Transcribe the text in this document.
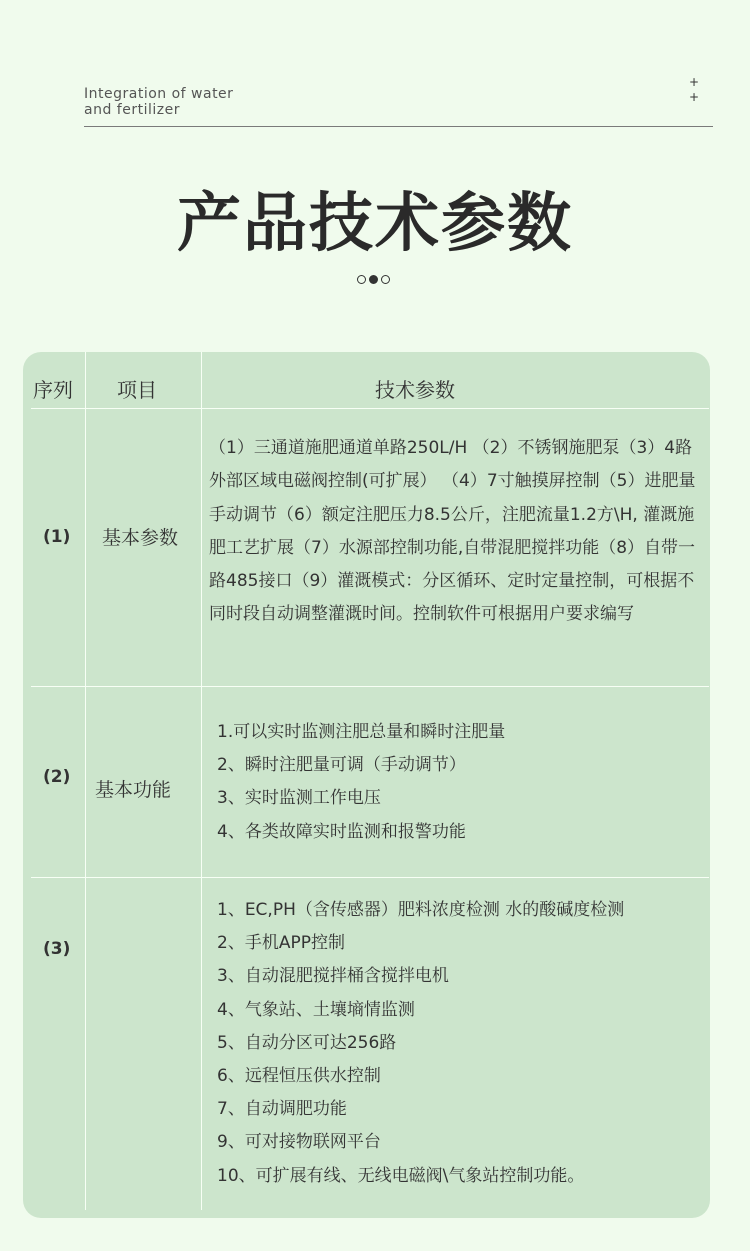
Integration of water
and fertilizer
+
+
产品技术参数
序列 项目	技术参数
(1) 基本参数
（1）三通道施肥通道单路250L/H （2）不锈钢施肥泵（3）4路外部区域电磁阀控制(可扩展） （4）7寸触摸屏控制（5）进肥量手动调节（6）额定注肥压力8.5公斤，注肥流量1.2方\H, 灌溉施肥工艺扩展（7）水源部控制功能,自带混肥搅拌功能（8）自带一路485接口（9）灌溉模式：分区循环、定时定量控制，可根据不同时段自动调整灌溉时间。控制软件可根据用户要求编写
(2)
基本功能
1.可以实时监测注肥总量和瞬时注肥量
2、瞬时注肥量可调（手动调节）
3、实时监测工作电压
4、各类故障实时监测和报警功能
(3)
1、EC,PH（含传感器）肥料浓度检测 水的酸碱度检测
2、手机APP控制
3、自动混肥搅拌桶含搅拌电机
4、气象站、土壤墒情监测
5、自动分区可达256路
6、远程恒压供水控制
7、自动调肥功能
9、可对接物联网平台
10、可扩展有线、无线电磁阀\气象站控制功能。
